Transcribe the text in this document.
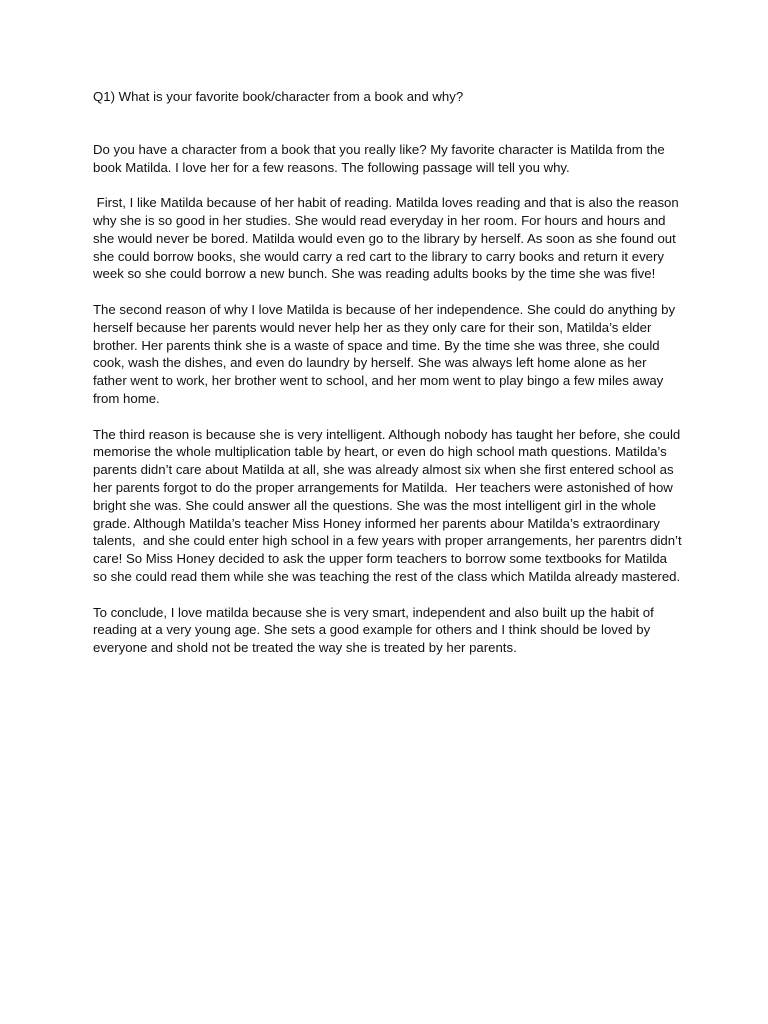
Q1) What is your favorite book/character from a book and why?

Do you have a character from a book that you really like? My favorite character is Matilda from the book Matilda. I love her for a few reasons. The following passage will tell you why.

First, I like Matilda because of her habit of reading. Matilda loves reading and that is also the reason why she is so good in her studies. She would read everyday in her room. For hours and hours and she would never be bored. Matilda would even go to the library by herself. As soon as she found out she could borrow books, she would carry a red cart to the library to carry books and return it every week so she could borrow a new bunch. She was reading adults books by the time she was five!

The second reason of why I love Matilda is because of her independence. She could do anything by herself because her parents would never help her as they only care for their son, Matilda’s elder brother. Her parents think she is a waste of space and time. By the time she was three, she could cook, wash the dishes, and even do laundry by herself. She was always left home alone as her father went to work, her brother went to school, and her mom went to play bingo a few miles away from home.

The third reason is because she is very intelligent. Although nobody has taught her before, she could memorise the whole multiplication table by heart, or even do high school math questions. Matilda’s parents didn’t care about Matilda at all, she was already almost six when she first entered school as her parents forgot to do the proper arrangements for Matilda.  Her teachers were astonished of how bright she was. She could answer all the questions. She was the most intelligent girl in the whole grade. Although Matilda’s teacher Miss Honey informed her parents abour Matilda’s extraordinary talents,  and she could enter high school in a few years with proper arrangements, her parentrs didn’t care! So Miss Honey decided to ask the upper form teachers to borrow some textbooks for Matilda so she could read them while she was teaching the rest of the class which Matilda already mastered.

To conclude, I love matilda because she is very smart, independent and also built up the habit of reading at a very young age. She sets a good example for others and I think should be loved by everyone and shold not be treated the way she is treated by her parents.
